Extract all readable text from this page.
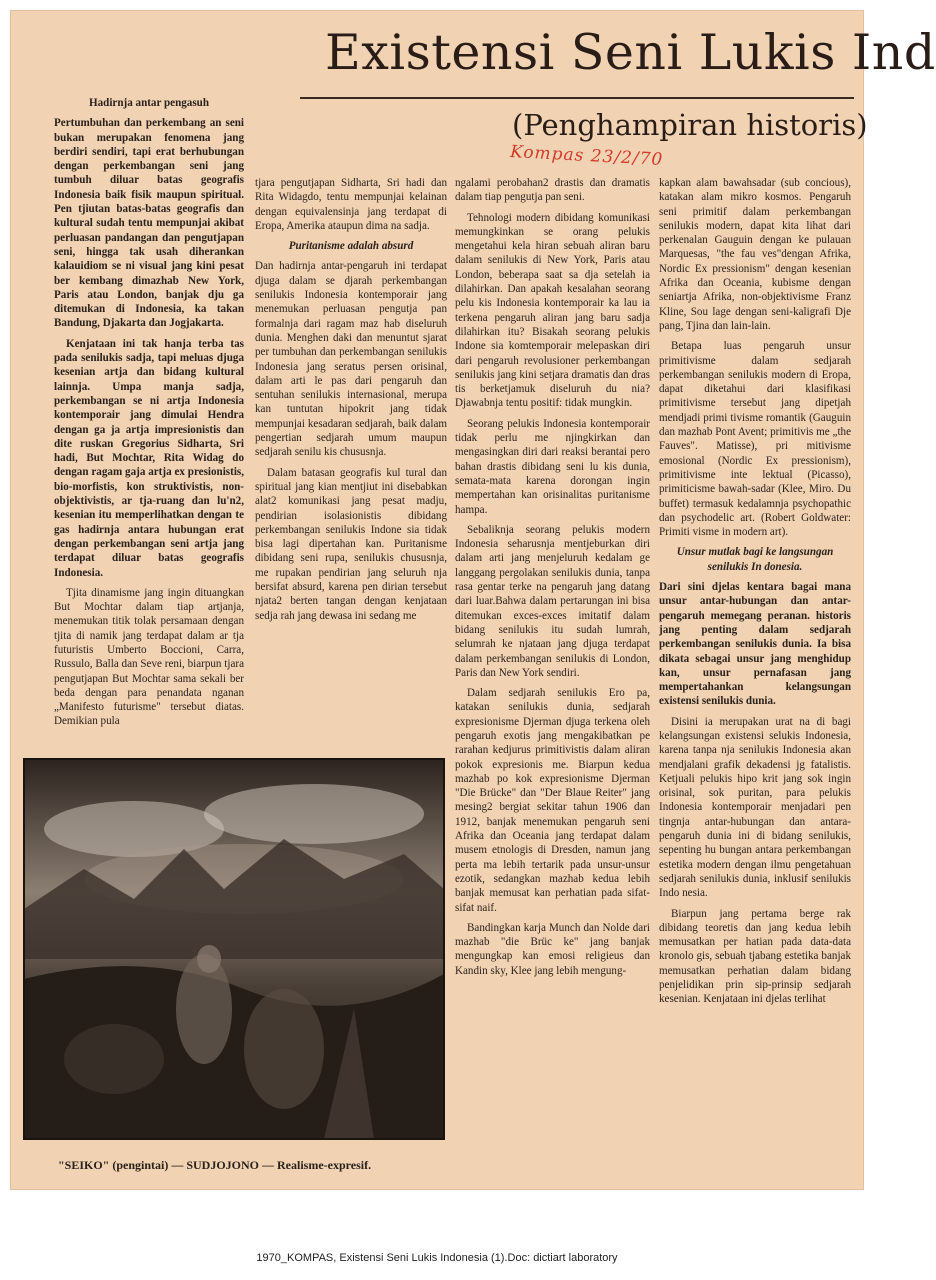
Existensi Seni Lukis Ind
(Penghampiran historis)
Kompas 23/2/70

Hadirnja antar pengasuh

Pertumbuhan dan perkembang an seni bukan merupakan fenomena jang berdiri sendiri, tapi erat berhubungan dengan perkembangan seni jang tumbuh diluar batas geografis Indonesia baik fisik maupun spiritual. Pen tjiutan batas-batas geografis dan kultural sudah tentu mempunjai akibat perluasan pandangan dan pengutjapan seni, hingga tak usah diherankan kalauidiom se ni visual jang kini pesat ber kembang dimazhab New York, Paris atau London, banjak dju ga ditemukan di Indonesia, ka takan Bandung, Djakarta dan Jogjakarta.

Kenjataan ini tak hanja terba tas pada senilukis sadja, tapi meluas djuga kesenian artja dan bidang kultural lainnja. Umpa manja sadja, perkembangan se ni artja Indonesia kontemporair jang dimulai Hendra dengan ga ja artja impresionistis dan dite ruskan Gregorius Sidharta, Sri hadi, But Mochtar, Rita Widag do dengan ragam gaja artja ex presionistis, bio-morfistis, kon struktivistis, non-objektivistis, ar tja-ruang dan lu'n2, kesenian itu memperlihatkan dengan te gas hadirnja antara hubungan erat dengan perkembangan seni artja jang terdapat diluar batas geografis Indonesia.

Tjita dinamisme jang ingin dituangkan But Mochtar dalam tiap artjanja, menemukan titik tolak persamaan dengan tjita di namik jang terdapat dalam ar tja futuristis Umberto Boccioni, Carra, Russulo, Balla dan Seve reni, biarpun tjara pengutjapan But Mochtar sama sekali ber beda dengan para penandata nganan „Manifesto futurisme" tersebut diatas. Demikian pula

tjara pengutjapan Sidharta, Sri hadi dan Rita Widagdo, tentu mempunjai kelainan dengan equivalensinja jang terdapat di Eropa, Amerika ataupun dima na sadja.

Puritanisme adalah absurd

Dan hadirnja antar-pengaruh ini terdapat djuga dalam se djarah perkembangan senilukis Indonesia kontemporair jang menemukan perluasan pengutja pan formalnja dari ragam maz hab diseluruh dunia. Menghen daki dan menuntut sjarat per tumbuhan dan perkembangan senilukis Indonesia jang seratus persen orisinal, dalam arti le pas dari pengaruh dan sentuhan senilukis internasional, merupa kan tuntutan hipokrit jang tidak mempunjai kesadaran sedjarah, baik dalam pengertian sedjarah umum maupun sedjarah senilu kis chususnja.

Dalam batasan geografis kul tural dan spiritual jang kian mentjiut ini disebabkan alat2 komunikasi jang pesat madju, pendirian isolasionistis dibidang perkembangan senilukis Indone sia tidak bisa lagi dipertahan kan. Puritanisme dibidang seni rupa, senilukis chususnja, me rupakan pendirian jang seluruh nja bersifat absurd, karena pen dirian tersebut njata2 berten tangan dengan kenjataan sedja rah jang dewasa ini sedang me

ngalami perobahan2 drastis dan dramatis dalam tiap pengutja pan seni.

Tehnologi modern dibidang komunikasi memungkinkan se orang pelukis mengetahui kela hiran sebuah aliran baru dalam senilukis di New York, Paris atau London, beberapa saat sa dja setelah ia dilahirkan. Dan apakah kesalahan seorang pelu kis Indonesia kontemporair ka lau ia terkena pengaruh aliran jang baru sadja dilahirkan itu? Bisakah seorang pelukis Indone sia komtemporair melepaskan diri dari pengaruh revolusioner perkembangan senilukis jang kini setjara dramatis dan dras tis berketjamuk diseluruh du nia? Djawabnja tentu positif: tidak mungkin.

Seorang pelukis Indonesia kontemporair tidak perlu me njingkirkan dan mengasingkan diri dari reaksi berantai pero bahan drastis dibidang seni lu kis dunia, semata-mata karena dorongan ingin mempertahan kan orisinalitas puritanisme hampa.

Sebaliknja seorang pelukis modern Indonesia seharusnja mentjeburkan diri dalam arti jang menjeluruh kedalam ge langgang pergolakan senilukis dunia, tanpa rasa gentar terke na pengaruh jang datang dari luar.Bahwa dalam pertarungan ini bisa ditemukan exces-exces imitatif dalam bidang senilukis itu sudah lumrah, selumrah ke njataan jang djuga terdapat dalam perkembangan senilukis di London, Paris dan New York sendiri.

Dalam sedjarah senilukis Ero pa, katakan senilukis dunia, sedjarah expresionisme Djerman djuga terkena oleh pengaruh exotis jang mengakibatkan pe rarahan kedjurus primitivistis dalam aliran pokok expresionis me. Biarpun kedua mazhab po kok expresionisme Djerman "Die Brücke" dan "Der Blaue Reiter" jang mesing2 bergiat sekitar tahun 1906 dan 1912, banjak menemukan pengaruh seni Afrika dan Oceania jang terdapat dalam musem etnologis di Dresden, namun jang perta ma lebih tertarik pada unsur-unsur ezotik, sedangkan mazhab kedua lebih banjak memusat kan perhatian pada sifat-sifat naif.

Bandingkan karja Munch dan Nolde dari mazhab "die Brüc ke" jang banjak mengungkap kan emosi religieus dan Kandin sky, Klee jang lebih mengung-

kapkan alam bawahsadar (sub concious), katakan alam mikro kosmos. Pengaruh seni primitif dalam perkembangan senilukis modern, dapat kita lihat dari perkenalan Gauguin dengan ke pulauan Marquesas, "the fau ves"dengan Afrika, Nordic Ex pressionism" dengan kesenian Afrika dan Oceania, kubisme dengan seniartja Afrika, non-objektivisme Franz Kline, Sou lage dengan seni-kaligrafi Dje pang, Tjina dan lain-lain.

Betapa luas pengaruh unsur primitivisme dalam sedjarah perkembangan senilukis modern di Eropa, dapat diketahui dari klasifikasi primitivisme tersebut jang dipetjah mendjadi primi tivisme romantik (Gauguin dan mazhab Pont Avent; primitivis me „the Fauves". Matisse), pri mitivisme emosional (Nordic Ex pressionism), primitivisme inte lektual (Picasso), primiticisme bawah-sadar (Klee, Miro. Du buffet) termasuk kedalamnja psychopathic dan psychodelic art. (Robert Goldwater: Primiti visme in modern art).

Unsur mutlak bagi ke langsungan senilukis In donesia.

Dari sini djelas kentara bagai mana unsur antar-hubungan dan antar-pengaruh memegang peranan. historis jang penting dalam sedjarah perkembangan senilukis dunia. Ia bisa dikata sebagai unsur jang menghidup kan, unsur pernafasan jang mempertahankan kelangsungan existensi senilukis dunia.

Disini ia merupakan urat na di bagi kelangsungan existensi selukis Indonesia, karena tanpa nja senilukis Indonesia akan mendjalani grafik dekadensi jg fatalistis. Ketjuali pelukis hipo krit jang sok ingin orisinal, sok puritan, para pelukis Indonesia kontemporair menjadari pen tingnja antar-hubungan dan antara-pengaruh dunia ini di bidang senilukis, sepenting hu bungan antara perkembangan estetika modern dengan ilmu pengetahuan sedjarah senilukis dunia, inklusif senilukis Indo nesia.

Biarpun jang pertama berge rak dibidang teoretis dan jang kedua lebih memusatkan per hatian pada data-data kronolo gis, sebuah tjabang estetika banjak memusatkan perhatian dalam bidang penjelidikan prin sip-prinsip sedjarah kesenian. Kenjataan ini djelas terlihat

"SEIKO" (pengintai) — SUDJOJONO — Realisme-expresif.
1970_KOMPAS, Existensi Seni Lukis Indonesia (1).Doc: dictiart laboratory
